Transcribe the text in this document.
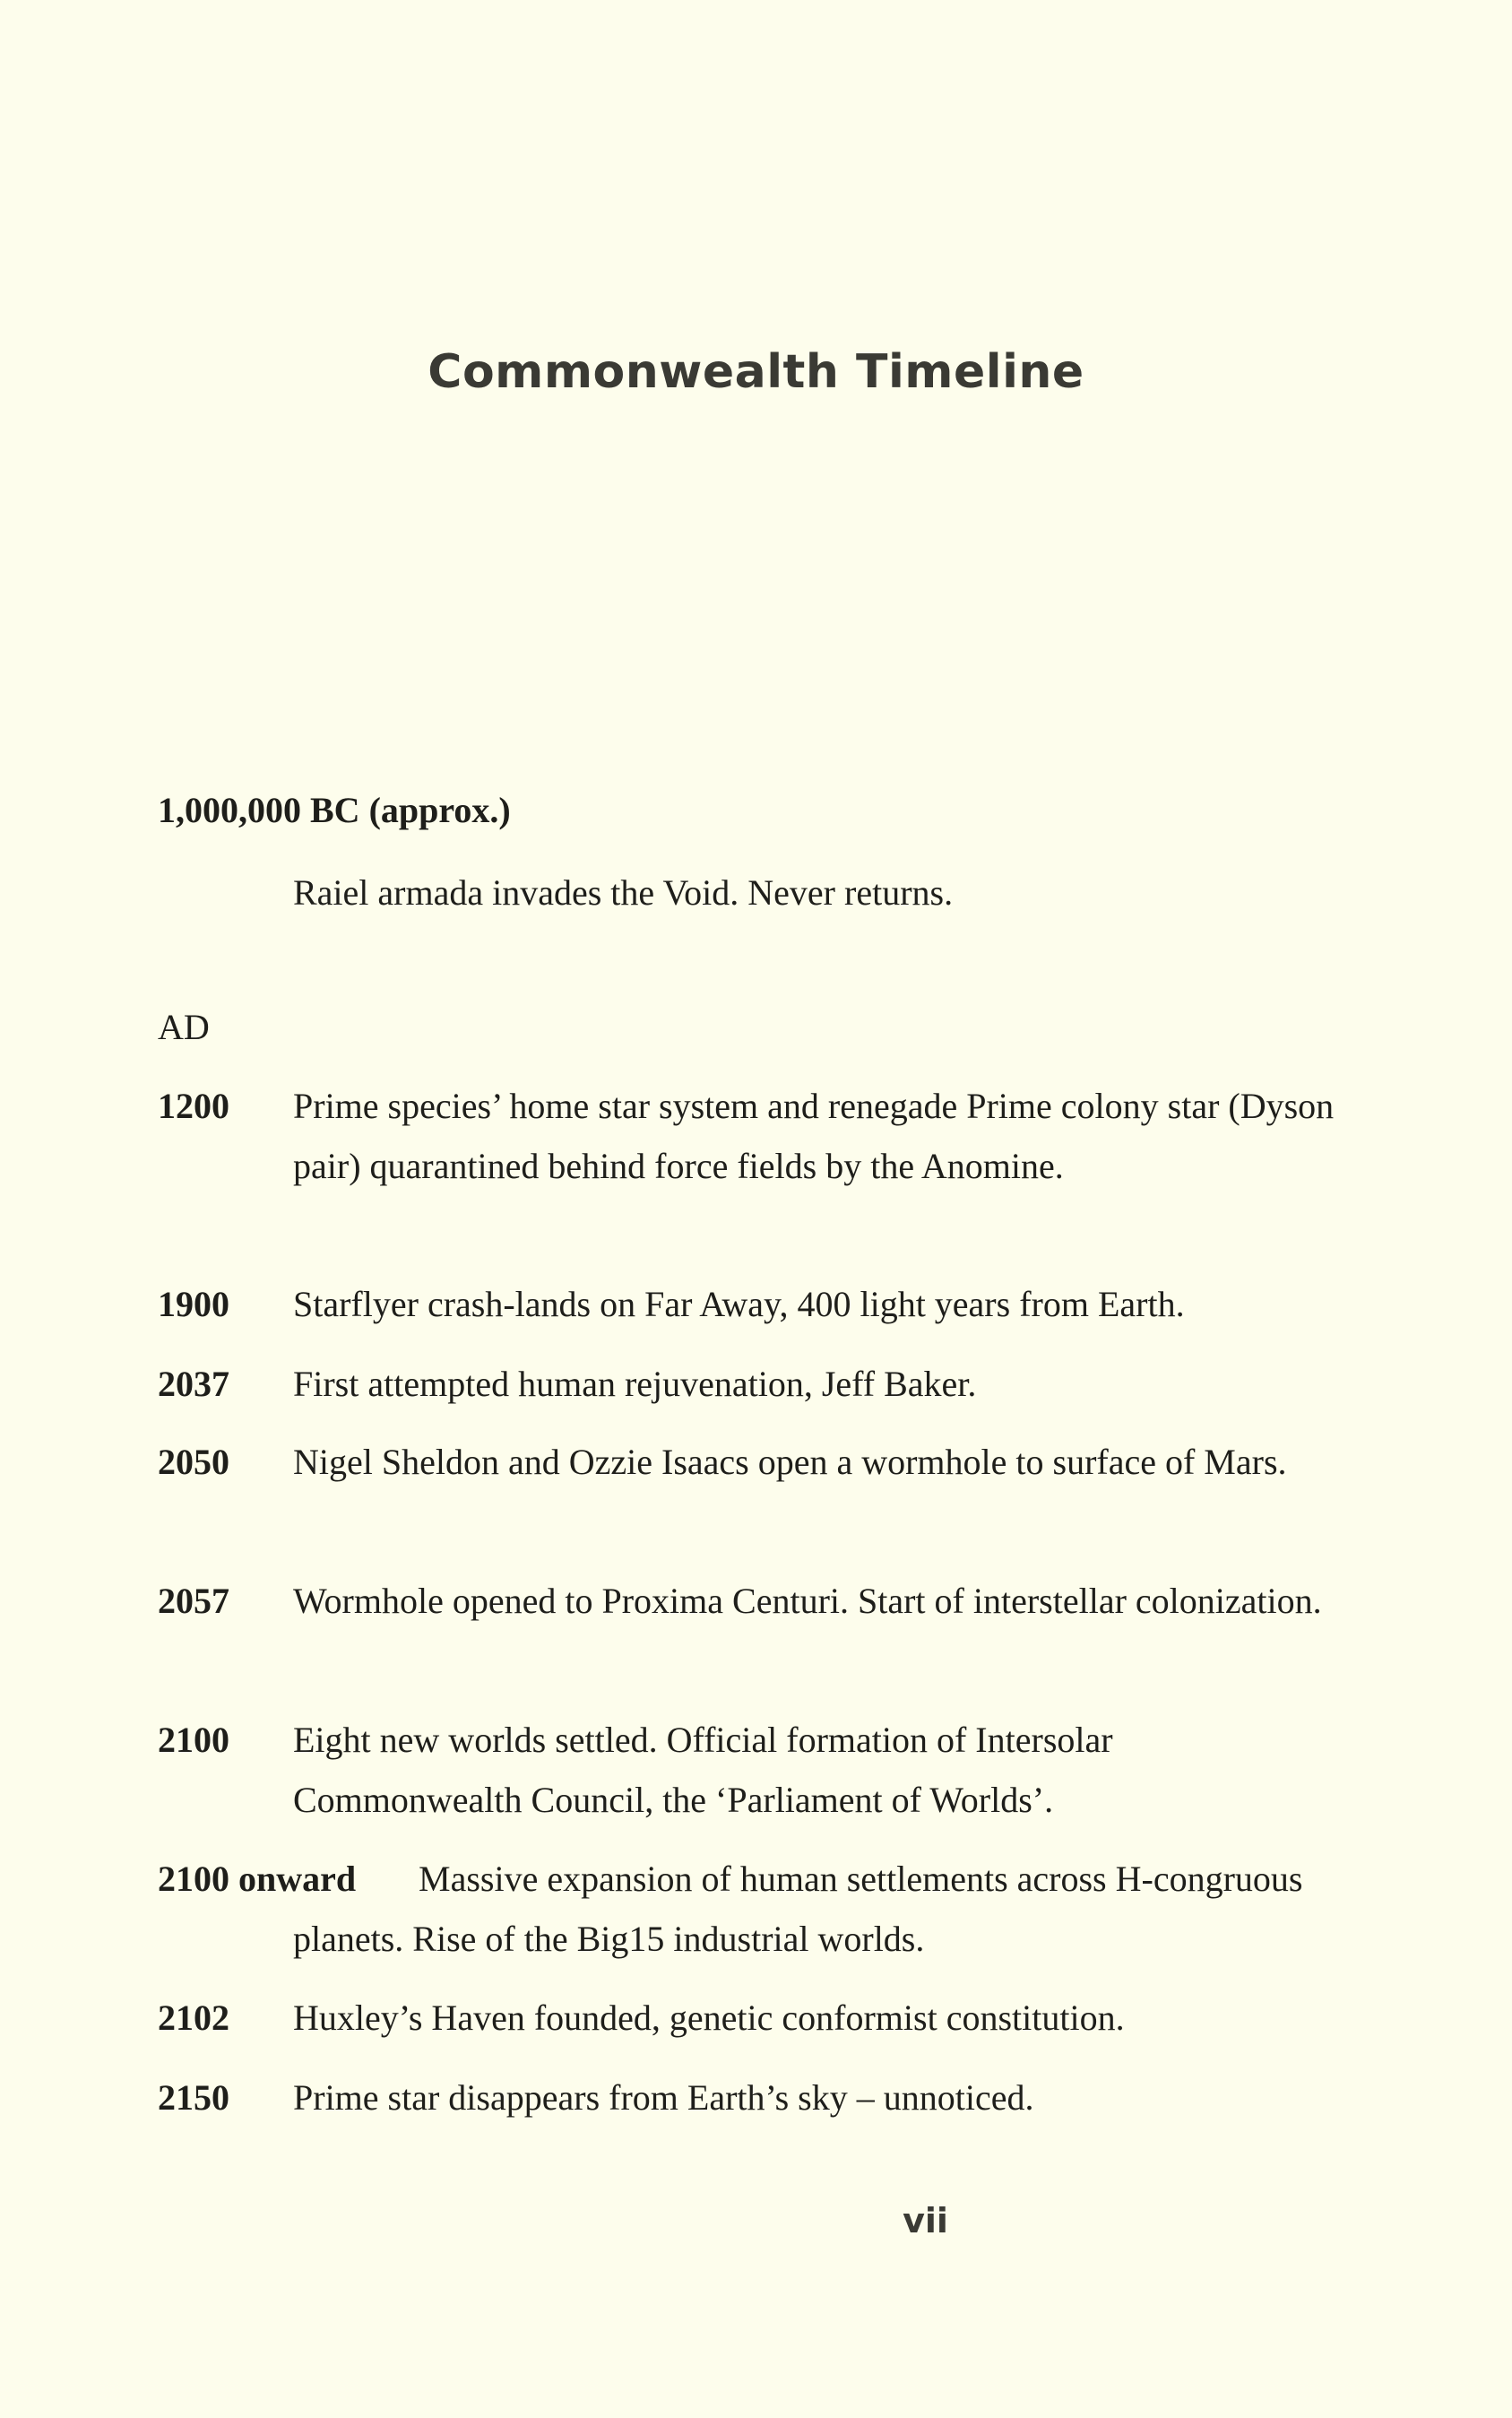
Commonwealth Timeline

1,000,000 BC (approx.)

Raiel armada invades the Void. Never returns.

AD

1200 Prime species’ home star system and renegade Prime colony star (Dyson pair) quarantined behind force fields by the Anomine.
1900 Starflyer crash-lands on Far Away, 400 light years from Earth.
2037 First attempted human rejuvenation, Jeff Baker.
2050 Nigel Sheldon and Ozzie Isaacs open a wormhole to surface of Mars.
2057 Wormhole opened to Proxima Centuri. Start of interstellar colonization.
2100 Eight new worlds settled. Official formation of Intersolar Commonwealth Council, the ‘Parliament of Worlds’.
2100 onward	Massive expansion of human settlements across H-congruous planets. Rise of the Big15 industrial worlds.
2102 Huxley’s Haven founded, genetic conformist constitution.
2150 Prime star disappears from Earth’s sky – unnoticed.
vii
